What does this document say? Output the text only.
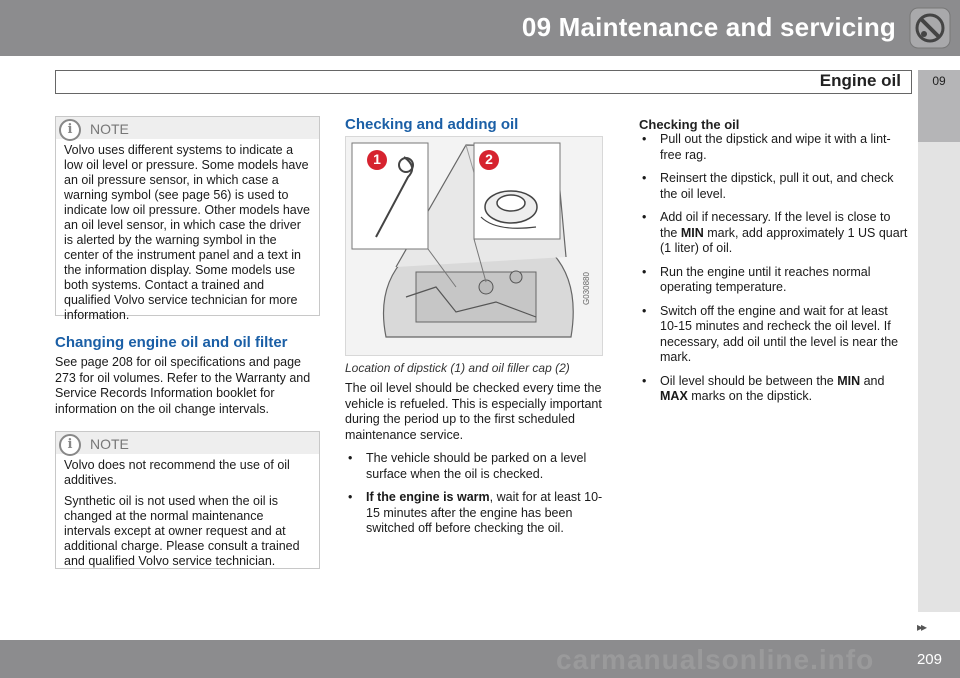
09 Maintenance and servicing
Engine oil	09
i	NOTE

Volvo uses different systems to indicate a low oil level or pressure. Some models have an oil pressure sensor, in which case a warning symbol (see page 56) is used to indicate low oil pressure. Other models have an oil level sensor, in which case the driver is alerted by the warning symbol in the center of the instrument panel and a text in the information display. Some models use both systems. Contact a trained and qualified Volvo service technician for more information.

Changing engine oil and oil filter
See page 208 for oil specifications and page 273 for oil volumes. Refer to the Warranty and Service Records Information booklet for information on the oil change intervals.
i	NOTE

Volvo does not recommend the use of oil additives.

Synthetic oil is not used when the oil is changed at the normal maintenance intervals except at owner request and at additional charge. Please consult a trained and qualified Volvo service technician.

Checking and adding oil
1	2
G030880
Location of dipstick (1) and oil filler cap (2)
The oil level should be checked every time the vehicle is refueled. This is especially important during the period up to the first scheduled maintenance service.
• The vehicle should be parked on a level surface when the oil is checked.
• If the engine is warm, wait for at least 10-15 minutes after the engine has been switched off before checking the oil.
Checking the oil
• Pull out the dipstick and wipe it with a lint-free rag.
• Reinsert the dipstick, pull it out, and check the oil level.
• Add oil if necessary. If the level is close to the MIN mark, add approximately 1 US quart (1 liter) of oil.
• Run the engine until it reaches normal operating temperature.
• Switch off the engine and wait for at least 10-15 minutes and recheck the oil level. If necessary, add oil until the level is near the mark.
• Oil level should be between the MIN and MAX marks on the dipstick.
▸▸
carmanualsonline.info	209
